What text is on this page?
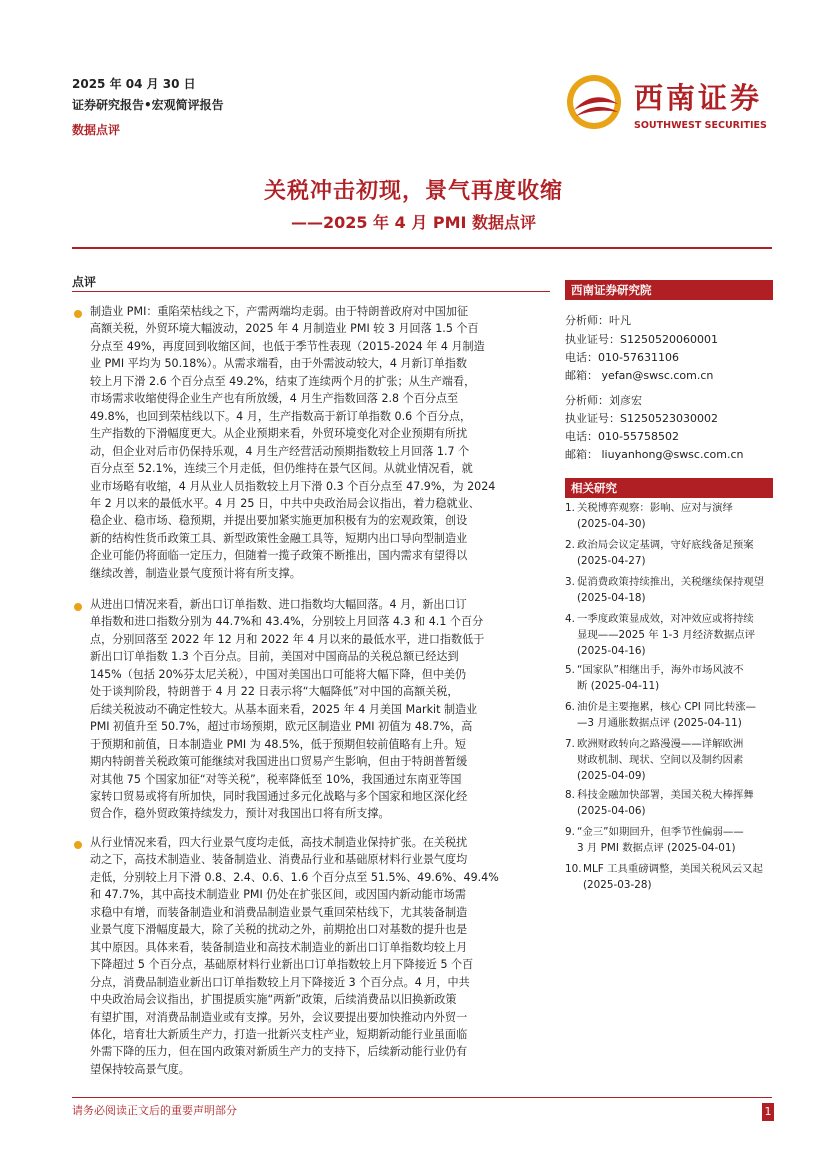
2025 年 04 月 30 日
证券研究报告•宏观简评报告
数据点评
西南证券
SOUTHWEST SECURITIES
关税冲击初现，景气再度收缩
——2025 年 4 月 PMI 数据点评
点评
制造业 PMI：重陷荣枯线之下，产需两端均走弱。由于特朗普政府对中国加征
高额关税，外贸环境大幅波动，2025 年 4 月制造业 PMI 较 3 月回落 1.5 个百
分点至 49%，再度回到收缩区间，也低于季节性表现（2015-2024 年 4 月制造
业 PMI 平均为 50.18%）。从需求端看，由于外需波动较大，4 月新订单指数
较上月下滑 2.6 个百分点至 49.2%，结束了连续两个月的扩张；从生产端看，
市场需求收缩使得企业生产也有所放缓，4 月生产指数回落 2.8 个百分点至
49.8%，也回到荣枯线以下。4 月，生产指数高于新订单指数 0.6 个百分点，
生产指数的下滑幅度更大。从企业预期来看，外贸环境变化对企业预期有所扰
动，但企业对后市仍保持乐观，4 月生产经营活动预期指数较上月回落 1.7 个
百分点至 52.1%，连续三个月走低，但仍维持在景气区间。从就业情况看，就
业市场略有收缩，4 月从业人员指数较上月下滑 0.3 个百分点至 47.9%，为 2024
年 2 月以来的最低水平。4 月 25 日，中共中央政治局会议指出，着力稳就业、
稳企业、稳市场、稳预期，并提出要加紧实施更加积极有为的宏观政策，创设
新的结构性货币政策工具、新型政策性金融工具等，短期内出口导向型制造业
企业可能仍将面临一定压力，但随着一揽子政策不断推出，国内需求有望得以
继续改善，制造业景气度预计将有所支撑。
从进出口情况来看，新出口订单指数、进口指数均大幅回落。4 月，新出口订
单指数和进口指数分别为 44.7%和 43.4%，分别较上月回落 4.3 和 4.1 个百分
点，分别回落至 2022 年 12 月和 2022 年 4 月以来的最低水平，进口指数低于
新出口订单指数 1.3 个百分点。目前，美国对中国商品的关税总额已经达到
145%（包括 20%芬太尼关税），中国对美国出口可能将大幅下降，但中美仍
处于谈判阶段，特朗普于 4 月 22 日表示将“大幅降低”对中国的高额关税，
后续关税波动不确定性较大。从基本面来看，2025 年 4 月美国 Markit 制造业
PMI 初值升至 50.7%，超过市场预期，欧元区制造业 PMI 初值为 48.7%，高
于预期和前值，日本制造业 PMI 为 48.5%，低于预期但较前值略有上升。短
期内特朗普关税政策可能继续对我国进出口贸易产生影响，但由于特朗普暂缓
对其他 75 个国家加征“对等关税”，税率降低至 10%，我国通过东南亚等国
家转口贸易或将有所加快，同时我国通过多元化战略与多个国家和地区深化经
贸合作，稳外贸政策持续发力，预计对我国出口将有所支撑。
从行业情况来看，四大行业景气度均走低，高技术制造业保持扩张。在关税扰
动之下，高技术制造业、装备制造业、消费品行业和基础原材料行业景气度均
走低，分别较上月下滑 0.8、2.4、0.6、1.6 个百分点至 51.5%、49.6%、49.4%
和 47.7%，其中高技术制造业 PMI 仍处在扩张区间，或因国内新动能市场需
求稳中有增，而装备制造业和消费品制造业景气重回荣枯线下，尤其装备制造
业景气度下滑幅度最大，除了关税的扰动之外，前期抢出口对基数的提升也是
其中原因。具体来看，装备制造业和高技术制造业的新出口订单指数均较上月
下降超过 5 个百分点，基础原材料行业新出口订单指数较上月下降接近 5 个百
分点，消费品制造业新出口订单指数较上月下降接近 3 个百分点。4 月，中共
中央政治局会议指出，扩围提质实施“两新”政策，后续消费品以旧换新政策
有望扩围，对消费品制造业或有支撑。另外，会议要提出要加快推动内外贸一
体化，培育壮大新质生产力，打造一批新兴支柱产业，短期新动能行业虽面临
外需下降的压力，但在国内政策对新质生产力的支持下，后续新动能行业仍有
望保持较高景气度。
西南证券研究院
分析师：叶凡
执业证号：S1250520060001
电话：010-57631106
邮箱： yefan@swsc.com.cn
分析师：刘彦宏
执业证号：S1250523030002
电话：010-55758502
邮箱： liuyanhong@swsc.com.cn
相关研究
1. 关税博弈观察：影响、应对与演绎
(2025-04-30)
2. 政治局会议定基调，守好底线备足预案
(2025-04-27)
3. 促消费政策持续推出，关税继续保持观望
(2025-04-18)
4. 一季度政策显成效，对冲效应或将持续
显现——2025 年 1-3 月经济数据点评
(2025-04-16)
5. “国家队”相继出手，海外市场风波不
断 (2025-04-11)
6. 油价是主要拖累，核心 CPI 同比转涨—
—3 月通胀数据点评 (2025-04-11)
7. 欧洲财政转向之路漫漫——详解欧洲
财政机制、现状、空间以及制约因素
(2025-04-09)
8. 科技金融加快部署，美国关税大棒挥舞
(2025-04-06)
9. “金三”如期回升，但季节性偏弱——
3 月 PMI 数据点评 (2025-04-01)
10. MLF 工具重磅调整，美国关税风云又起
(2025-03-28)
请务必阅读正文后的重要声明部分	1
